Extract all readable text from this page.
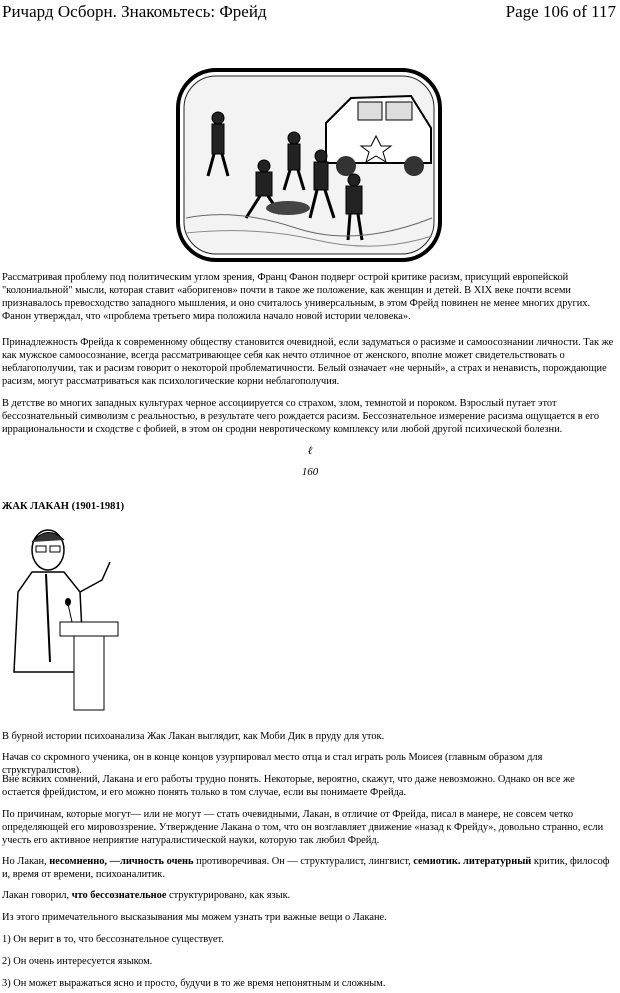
Ричард Осборн. Знакомьтесь: Фрейд	Page 106 of 117
Рассматривая проблему под политическим углом зрения, Франц Фанон подверг острой критике расизм, присущий европейской "колониальной" мысли, которая ставит «аборигенов» почти в такое же положение, как женщин и детей. В XIX веке почти всеми признавалось превосходство западного мышления, и оно считалось универсальным, в этом Фрейд повинен не менее многих других. Фанон утверждал, что «проблема третьего мира положила начало новой истории человека».
Принадлежность Фрейда к современному обществу становится очевидной, если задуматься о расизме и самоосознании личности. Так же как мужское самоосознание, всегда рассматривающее себя как нечто отличное от женского, вполне может свидетельствовать о неблагополучии, так и расизм говорит о некоторой проблематичности. Белый означает «не черный», а страх и ненависть, порождающие расизм, могут рассматриваться как психологические корни неблагополучия.
В детстве во многих западных культурах черное ассоциируется со страхом, злом, темнотой и пороком. Взрослый путает этот бессознательный символизм с реальностью, в результате чего рождается расизм. Бессознательное измерение расизма ощущается в его иррациональности и сходстве с фобией, в этом он сродни невротическому комплексу или любой другой психической болезни.
ℓ
160
ЖАК ЛАКАН (1901-1981)
В бурной истории психоанализа Жак Лакан выглядит, как Моби Дик в пруду для уток.
Начав со скромного ученика, он в конце концов узурпировал место отца и стал играть роль Моисея (главным образом для структуралистов).
Вне всяких сомнений, Лакана и его работы трудно понять. Некоторые, вероятно, скажут, что даже невозможно. Однако он все же остается фрейдистом, и его можно понять только в том случае, если вы понимаете Фрейда.
По причинам, которые могут— или не могут — стать очевидными, Лакан, в отличие от Фрейда, писал в манере, не совсем четко определяющей его мировоззрение. Утверждение Лакана о том, что он возглавляет движение «назад к Фрейду», довольно странно, если учесть его активное неприятие натуралистической науки, которую так любил Фрейд.
Но Лакан, несомненно, —личность очень противоречивая. Он — структуралист, лингвист, семиотик. литературный критик, философ и, время от времени, психоаналитик.
Лакан говорил, что бессознательное структурировано, как язык.
Из этого примечательного высказывания мы можем узнать три важные вещи о Лакане.
1) Он верит в то, что бессознательное существует.
2) Он очень интересуется языком.
3) Он может выражаться ясно и просто, будучи в то же время непонятным и сложным.
